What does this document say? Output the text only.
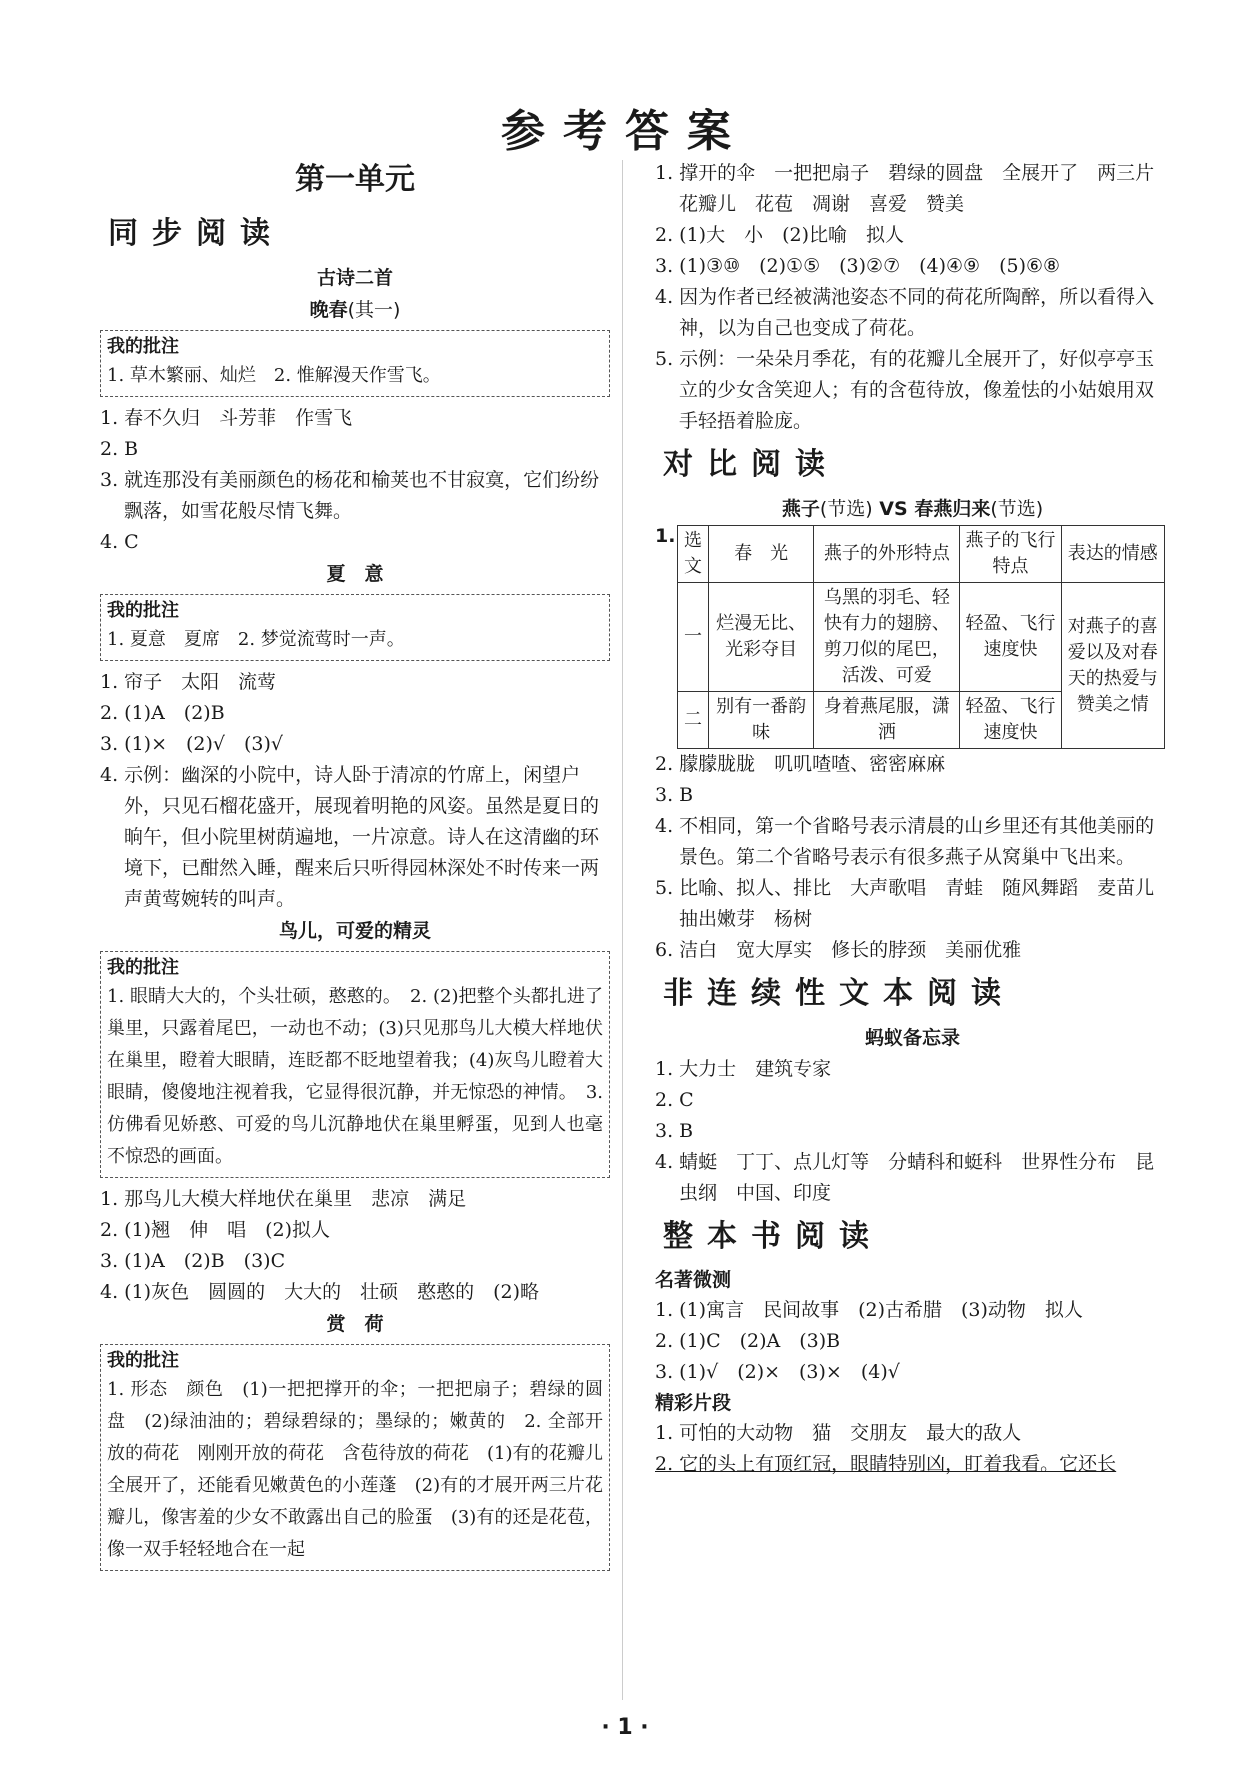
参考答案
第一单元
同步阅读
古诗二首
晚春(其一)
我的批注
1. 草木繁丽、灿烂　2. 惟解漫天作雪飞。
1. 春不久归　斗芳菲　作雪飞
2. B
3. 就连那没有美丽颜色的杨花和榆荚也不甘寂寞，它们纷纷飘落，如雪花般尽情飞舞。
4. C
夏　意
我的批注
1. 夏意　夏席　2. 梦觉流莺时一声。
1. 帘子　太阳　流莺
2. (1)A　(2)B
3. (1)×　(2)√　(3)√
4. 示例：幽深的小院中，诗人卧于清凉的竹席上，闲望户外，只见石榴花盛开，展现着明艳的风姿。虽然是夏日的晌午，但小院里树荫遍地，一片凉意。诗人在这清幽的环境下，已酣然入睡，醒来后只听得园林深处不时传来一两声黄莺婉转的叫声。
鸟儿，可爱的精灵
我的批注
1. 眼睛大大的，个头壮硕，憨憨的。　2. (2)把整个头都扎进了巢里，只露着尾巴，一动也不动；(3)只见那鸟儿大模大样地伏在巢里，瞪着大眼睛，连眨都不眨地望着我；(4)灰鸟儿瞪着大眼睛，傻傻地注视着我，它显得很沉静，并无惊恐的神情。　3. 仿佛看见娇憨、可爱的鸟儿沉静地伏在巢里孵蛋，见到人也毫不惊恐的画面。
1. 那鸟儿大模大样地伏在巢里　悲凉　满足
2. (1)翘　伸　唱　(2)拟人
3. (1)A　(2)B　(3)C
4. (1)灰色　圆圆的　大大的　壮硕　憨憨的　(2)略
赏　荷
我的批注
1. 形态　颜色　(1)一把把撑开的伞；一把把扇子；碧绿的圆盘　(2)绿油油的；碧绿碧绿的；墨绿的；嫩黄的　2. 全部开放的荷花　刚刚开放的荷花　含苞待放的荷花　(1)有的花瓣儿全展开了，还能看见嫩黄色的小莲蓬　(2)有的才展开两三片花瓣儿，像害羞的少女不敢露出自己的脸蛋　(3)有的还是花苞，像一双手轻轻地合在一起
1. 撑开的伞　一把把扇子　碧绿的圆盘　全展开了　两三片花瓣儿　花苞　凋谢　喜爱　赞美
2. (1)大　小　(2)比喻　拟人
3. (1)③⑩　(2)①⑤　(3)②⑦　(4)④⑨　(5)⑥⑧
4. 因为作者已经被满池姿态不同的荷花所陶醉，所以看得入神，以为自己也变成了荷花。
5. 示例：一朵朵月季花，有的花瓣儿全展开了，好似亭亭玉立的少女含笑迎人；有的含苞待放，像羞怯的小姑娘用双手轻捂着脸庞。
对比阅读
燕子(节选) VS 春燕归来(节选)
1. 选文	春　光	燕子的外形特点	燕子的飞行特点	表达的情感
一	烂漫无比、光彩夺目	乌黑的羽毛、轻快有力的翅膀、剪刀似的尾巴，活泼、可爱	轻盈、飞行速度快	对燕子的喜爱以及对春天的热爱与赞美之情
二	别有一番韵味	身着燕尾服，潇洒	轻盈、飞行速度快	
2. 朦朦胧胧　叽叽喳喳、密密麻麻
3. B
4. 不相同，第一个省略号表示清晨的山乡里还有其他美丽的景色。第二个省略号表示有很多燕子从窝巢中飞出来。
5. 比喻、拟人、排比　大声歌唱　青蛙　随风舞蹈　麦苗儿　抽出嫩芽　杨树
6. 洁白　宽大厚实　修长的脖颈　美丽优雅
非连续性文本阅读
蚂蚁备忘录
1. 大力士　建筑专家
2. C
3. B
4. 蜻蜓　丁丁、点儿灯等　分蜻科和蜓科　世界性分布　昆虫纲　中国、印度
整本书阅读
名著微测
1. (1)寓言　民间故事　(2)古希腊　(3)动物　拟人
2. (1)C　(2)A　(3)B
3. (1)√　(2)×　(3)×　(4)√
精彩片段
1. 可怕的大动物　猫　交朋友　最大的敌人
2. 它的头上有顶红冠，眼睛特别凶，盯着我看。它还长
· 1 ·
